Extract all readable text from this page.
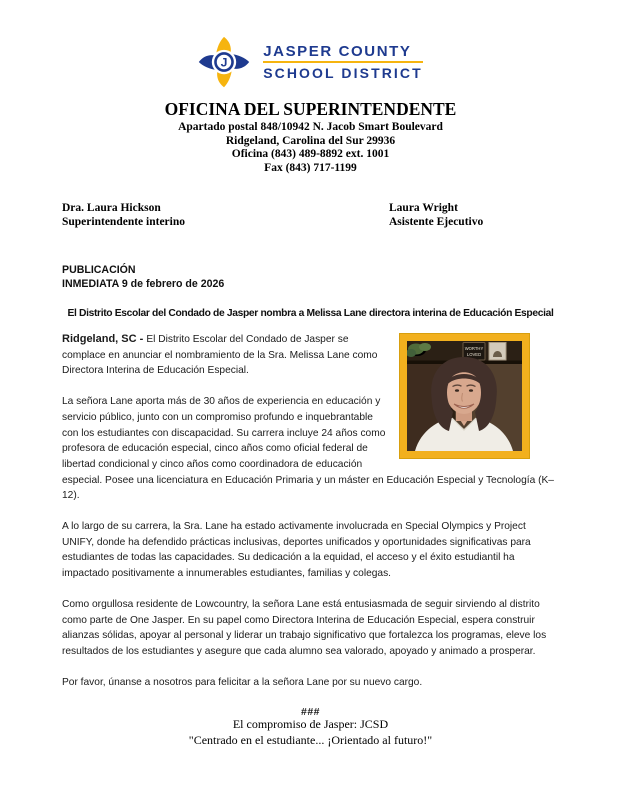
J
JASPER COUNTY
SCHOOL DISTRICT
OFICINA DEL SUPERINTENDENTE
Apartado postal 848/10942 N. Jacob Smart Boulevard
Ridgeland, Carolina del Sur 29936
Oficina (843) 489-8892 ext. 1001
Fax (843) 717-1199
Dra. Laura Hickson
Superintendente interino
Laura Wright
Asistente Ejecutivo
PUBLICACIÓN
INMEDIATA 9 de febrero de 2026
El Distrito Escolar del Condado de Jasper nombra a Melissa Lane directora interina de Educación Especial
WORTHY
LOVED

Ridgeland, SC - El Distrito Escolar del Condado de Jasper se complace en anunciar el nombramiento de la Sra. Melissa Lane como Directora Interina de Educación Especial.

La señora Lane aporta más de 30 años de experiencia en educación y servicio público, junto con un compromiso profundo e inquebrantable con los estudiantes con discapacidad. Su carrera incluye 24 años como profesora de educación especial, cinco años como oficial federal de libertad condicional y cinco años como coordinadora de educación especial. Posee una licenciatura en Educación Primaria y un máster en Educación Especial y Tecnología (K–12).

A lo largo de su carrera, la Sra. Lane ha estado activamente involucrada en Special Olympics y Project UNIFY, donde ha defendido prácticas inclusivas, deportes unificados y oportunidades significativas para estudiantes de todas las capacidades. Su dedicación a la equidad, el acceso y el éxito estudiantil ha impactado positivamente a innumerables estudiantes, familias y colegas.

Como orgullosa residente de Lowcountry, la señora Lane está entusiasmada de seguir sirviendo al distrito como parte de One Jasper. En su papel como Directora Interina de Educación Especial, espera construir alianzas sólidas, apoyar al personal y liderar un trabajo significativo que fortalezca los programas, eleve los resultados de los estudiantes y asegure que cada alumno sea valorado, apoyado y animado a prosperar.

Por favor, únanse a nosotros para felicitar a la señora Lane por su nuevo cargo.

###
El compromiso de Jasper: JCSD
"Centrado en el estudiante... ¡Orientado al futuro!"
